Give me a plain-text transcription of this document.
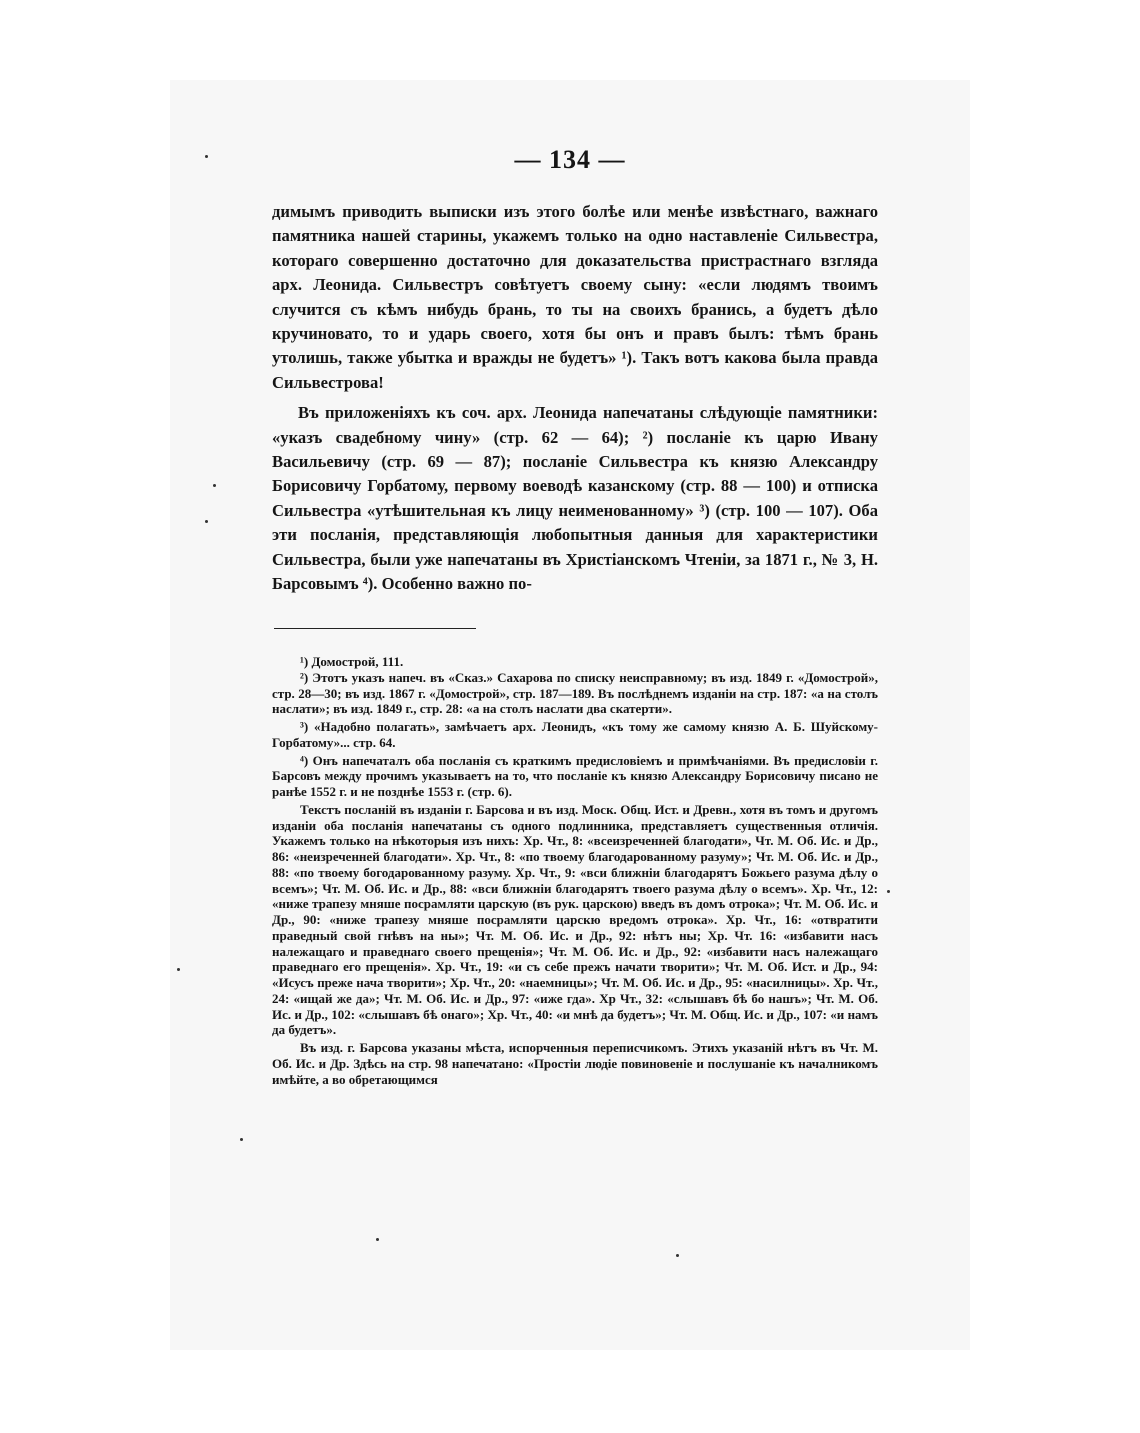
— 134 —

димымъ приводить выписки изъ этого болѣе или менѣе извѣстнаго, важнаго памятника нашей старины, укажемъ только на одно наставленіе Сильвестра, котораго совершенно достаточно для доказательства пристрастнаго взгляда арх. Леонида. Сильвестръ совѣтуетъ своему сыну: «если людямъ твоимъ случится съ кѣмъ нибудь брань, то ты на своихъ бранись, а будетъ дѣло кручиновато, то и ударь своего, хотя бы онъ и правъ былъ: тѣмъ брань утолишь, также убытка и вражды не будетъ» ¹). Такъ вотъ какова была правда Сильвестрова!

Въ приложеніяхъ къ соч. арх. Леонида напечатаны слѣдующіе памятники: «указъ свадебному чину» (стр. 62 — 64); ²) посланіе къ царю Ивану Васильевичу (стр. 69 — 87); посланіе Сильвестра къ князю Александру Борисовичу Горбатому, первому воеводѣ казанскому (стр. 88 — 100) и отписка Сильвестра «утѣшительная къ лицу неименованному» ³) (стр. 100 — 107). Оба эти посланія, представляющія любопытныя данныя для характеристики Сильвестра, были уже напечатаны въ Христіанскомъ Чтеніи, за 1871 г., № 3, Н. Барсовымъ ⁴). Особенно важно по-

¹) Домострой, 111.

²) Этотъ указъ напеч. въ «Сказ.» Сахарова по списку неисправному; въ изд. 1849 г. «Домострой», стр. 28—30; въ изд. 1867 г. «Домострой», стр. 187—189. Въ послѣднемъ изданіи на стр. 187: «а на столъ наслати»; въ изд. 1849 г., стр. 28: «а на столъ наслати два скатерти».

³) «Надобно полагать», замѣчаетъ арх. Леонидъ, «къ тому же самому князю А. Б. Шуйскому-Горбатому»... стр. 64.

⁴) Онъ напечаталъ оба посланія съ краткимъ предисловіемъ и примѣчаніями. Въ предисловіи г. Барсовъ между прочимъ указываетъ на то, что посланіе къ князю Александру Борисовичу писано не ранѣе 1552 г. и не позднѣе 1553 г. (стр. 6).

Текстъ посланій въ изданіи г. Барсова и въ изд. Моск. Общ. Ист. и Древн., хотя въ томъ и другомъ изданіи оба посланія напечатаны съ одного подлинника, представляетъ существенныя отличія. Укажемъ только на нѣкоторыя изъ нихъ: Хр. Чт., 8: «всеизреченней благодати», Чт. М. Об. Ис. и Др., 86: «неизреченней благодати». Хр. Чт., 8: «по твоему благодарованному разуму»; Чт. М. Об. Ис. и Др., 88: «по твоему богодарованному разуму. Хр. Чт., 9: «вси ближніи благодарятъ Божьего разума дѣлу о всемъ»; Чт. М. Об. Ис. и Др., 88: «вси ближніи благодарятъ твоего разума дѣлу о всемъ». Хр. Чт., 12: «ниже трапезу мняше посрамляти царскую (въ рук. царскою) введъ въ домъ отрока»; Чт. М. Об. Ис. и Др., 90: «ниже трапезу мняше посрамляти царскю вредомъ отрока». Хр. Чт., 16: «отвратити праведный свой гнѣвъ на ны»; Чт. М. Об. Ис. и Др., 92: нѣтъ ны; Хр. Чт. 16: «избавити насъ належащаго и праведнаго своего прещенія»; Чт. М. Об. Ис. и Др., 92: «избавити насъ належащаго праведнаго его прещенія». Хр. Чт., 19: «и съ себе прежъ начати творити»; Чт. М. Об. Ист. и Др., 94: «Исусъ преже нача творити»; Хр. Чт., 20: «наемницы»; Чт. М. Об. Ис. и Др., 95: «насилницы». Хр. Чт., 24: «ищай же да»; Чт. М. Об. Ис. и Др., 97: «иже гда». Хр Чт., 32: «слышавъ бѣ бо нашъ»; Чт. М. Об. Ис. и Др., 102: «слышавъ бѣ онаго»; Хр. Чт., 40: «и мнѣ да будетъ»; Чт. М. Общ. Ис. и Др., 107: «и намъ да будетъ».

Въ изд. г. Барсова указаны мѣста, испорченныя переписчикомъ. Этихъ указаній нѣтъ въ Чт. М. Об. Ис. и Др. Здѣсь на стр. 98 напечатано: «Простіи людіе повиновеніе и послушаніе къ началникомъ имѣйте, а во обретающимся
